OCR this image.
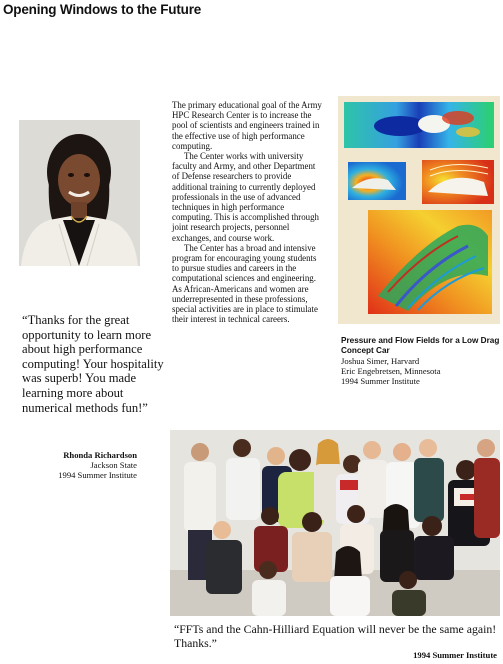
Opening Windows to the Future
“Thanks for the great opportunity to learn more about high performance computing! Your hospitality was superb! You made learning more about numerical methods fun!”
Rhonda Richardson
Jackson State
1994 Summer Institute

The primary educational goal of the Army HPC Research Center is to increase the pool of scientists and engineers trained in the effective use of high performance computing.

The Center works with university faculty and Army, and other Department of Defense researchers to provide additional training to currently deployed professionals in the use of advanced techniques in high performance computing. This is accomplished through joint research projects, personnel exchanges, and course work.

The Center has a broad and intensive program for encouraging young students to pursue studies and careers in the computational sciences and engineering. As African-Americans and women are underrepresented in these professions, special activities are in place to stimulate their interest in technical careers.

Pressure and Flow Fields for a Low Drag Concept Car
Joshua Simer, Harvard
Eric Engebretsen, Minnesota
1994 Summer Institute
“FFTs and the Cahn-Hilliard Equation will never be the same again! Thanks.”
1994 Summer Institute
